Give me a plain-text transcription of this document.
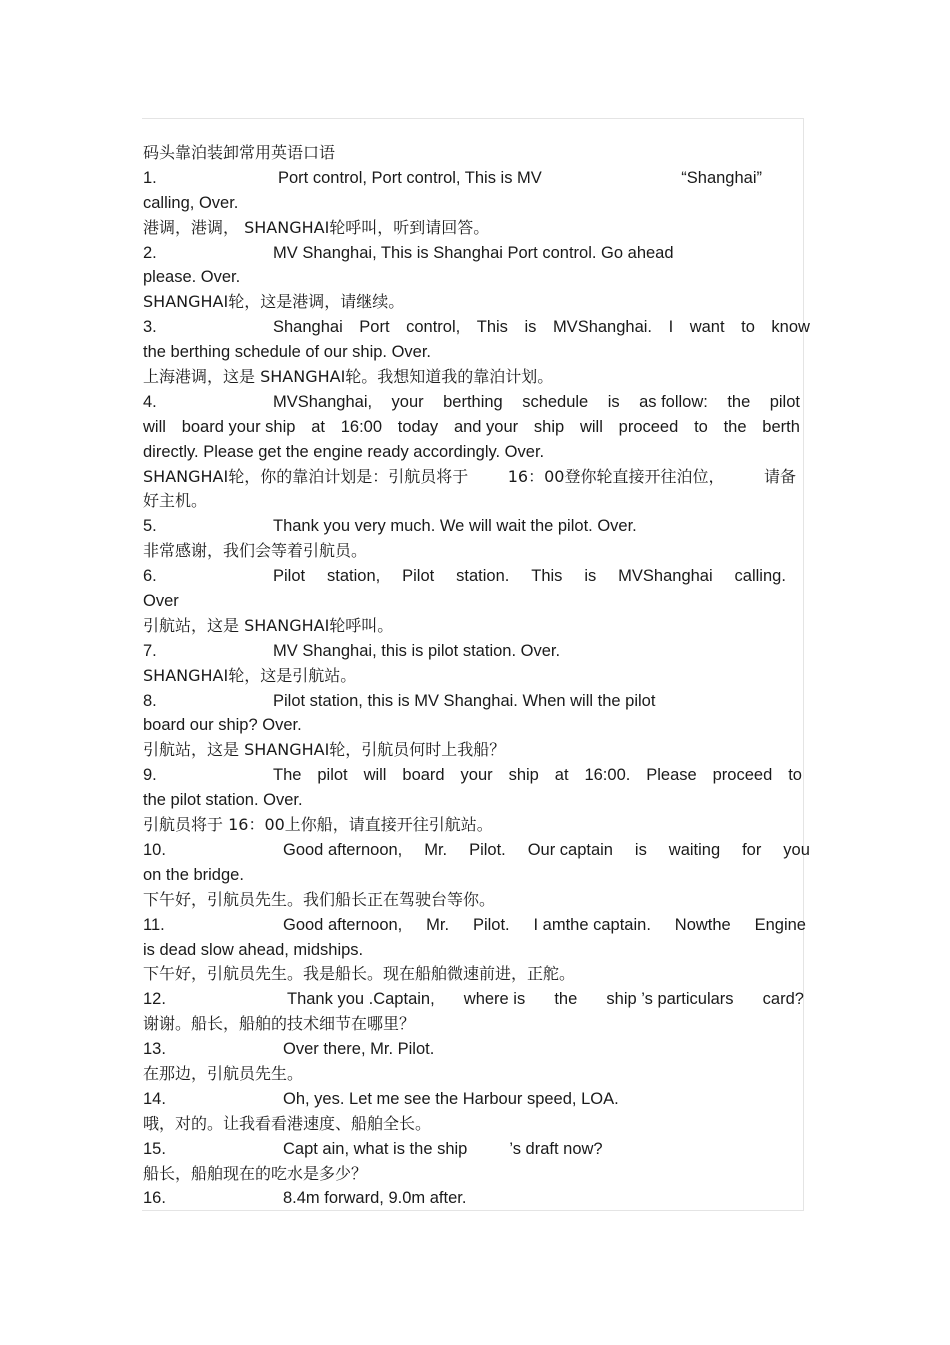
码头靠泊装卸常用英语口语
1.	Port control, Port control, This is MV	“Shanghai”
calling, Over.
港调，港调， SHANGHAI轮呼叫，听到请回答。
2.	MV Shanghai, This is Shanghai Port control. Go ahead
please. Over.
SHANGHAI轮，这是港调，请继续。
3.	Shanghai Port control, This is MVShanghai. I want to know
the berthing schedule of our ship. Over.
上海港调，这是 SHANGHAI轮。我想知道我的靠泊计划。
4.	MVShanghai, your berthing schedule is as follow: the pilot
will board your ship at 16:00 today and your ship will proceed to the berth
directly. Please get the engine ready accordingly. Over.
SHANGHAI轮，你的靠泊计划是：引航员将于 16：00登你轮直接开往泊位， 请备
好主机。
5.	Thank you very much. We will wait the pilot. Over.
非常感谢，我们会等着引航员。
6.	Pilot station, Pilot station. This is MVShanghai calling.
Over
引航站，这是 SHANGHAI轮呼叫。
7.	MV Shanghai, this is pilot station. Over.
SHANGHAI轮，这是引航站。
8.	Pilot station, this is MV Shanghai. When will the pilot
board our ship? Over.
引航站，这是 SHANGHAI轮，引航员何时上我船？
9.	The pilot will board your ship at 16:00. Please proceed to
the pilot station. Over.
引航员将于 16：00上你船，请直接开往引航站。
10.	Good afternoon, Mr. Pilot. Our captain is waiting for you
on the bridge.
下午好，引航员先生。我们船长正在驾驶台等你。
11.	Good afternoon, Mr. Pilot. I amthe captain. Nowthe Engine
is dead slow ahead, midships.
下午好，引航员先生。我是船长。现在船舶微速前进，正舵。
12.	Thank you .Captain, where is the ship ’s particulars card?
谢谢。船长，船舶的技术细节在哪里？
13.	Over there, Mr. Pilot.
在那边，引航员先生。
14.	Oh, yes. Let me see the Harbour speed, LOA.
哦，对的。让我看看港速度、船舶全长。
15.	Capt ain, what is the ship	’s draft now?
船长，船舶现在的吃水是多少？
16.	8.4m forward, 9.0m after.
